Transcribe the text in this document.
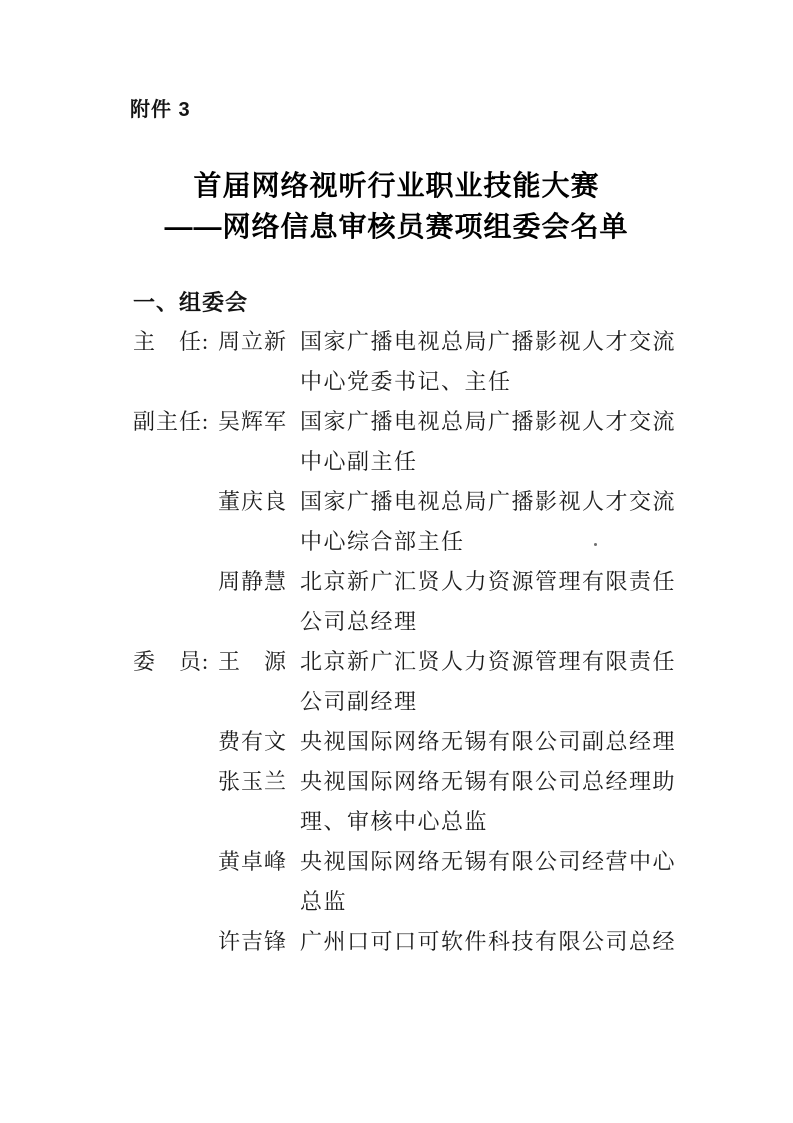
附件 3
首届网络视听行业职业技能大赛
——网络信息审核员赛项组委会名单
一、组委会
主　任: 周立新 国家广播电视总局广播影视人才交流中心党委书记、主任
副主任: 吴辉军 国家广播电视总局广播影视人才交流中心副主任
董庆良 国家广播电视总局广播影视人才交流中心综合部主任
周静慧 北京新广汇贤人力资源管理有限责任公司总经理
委　员: 王　源 北京新广汇贤人力资源管理有限责任公司副经理
费有文 央视国际网络无锡有限公司副总经理
张玉兰 央视国际网络无锡有限公司总经理助理、审核中心总监
黄卓峰 央视国际网络无锡有限公司经营中心总监
许吉锋 广州口可口可软件科技有限公司总经
